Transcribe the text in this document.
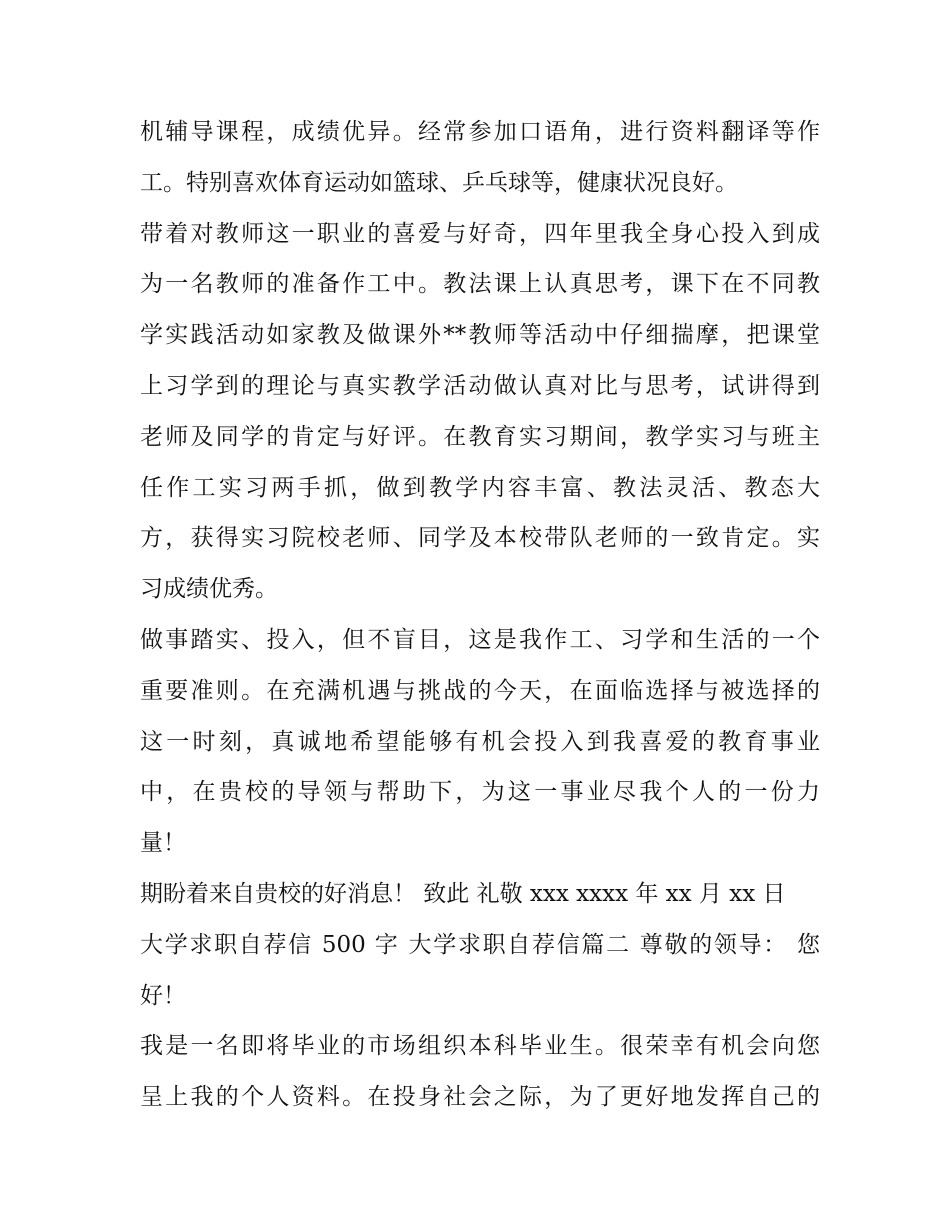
机辅导课程，成绩优异。经常参加口语角，进行资料翻译等作
工。特别喜欢体育运动如篮球、乒乓球等，健康状况良好。
带着对教师这一职业的喜爱与好奇，四年里我全身心投入到成
为一名教师的准备作工中。教法课上认真思考，课下在不同教
学实践活动如家教及做课外**教师等活动中仔细揣摩，把课堂
上习学到的理论与真实教学活动做认真对比与思考，试讲得到
老师及同学的肯定与好评。在教育实习期间，教学实习与班主
任作工实习两手抓，做到教学内容丰富、教法灵活、教态大
方，获得实习院校老师、同学及本校带队老师的一致肯定。实
习成绩优秀。
做事踏实、投入，但不盲目，这是我作工、习学和生活的一个
重要准则。在充满机遇与挑战的今天，在面临选择与被选择的
这一时刻，真诚地希望能够有机会投入到我喜爱的教育事业
中，在贵校的导领与帮助下，为这一事业尽我个人的一份力
量！
期盼着来自贵校的好消息！ 致此 礼敬 xxx xxxx 年 xx 月 xx 日
大学求职自荐信 500 字 大学求职自荐信篇二 尊敬的领导： 您
好！
我是一名即将毕业的市场组织本科毕业生。很荣幸有机会向您
呈上我的个人资料。在投身社会之际，为了更好地发挥自己的
